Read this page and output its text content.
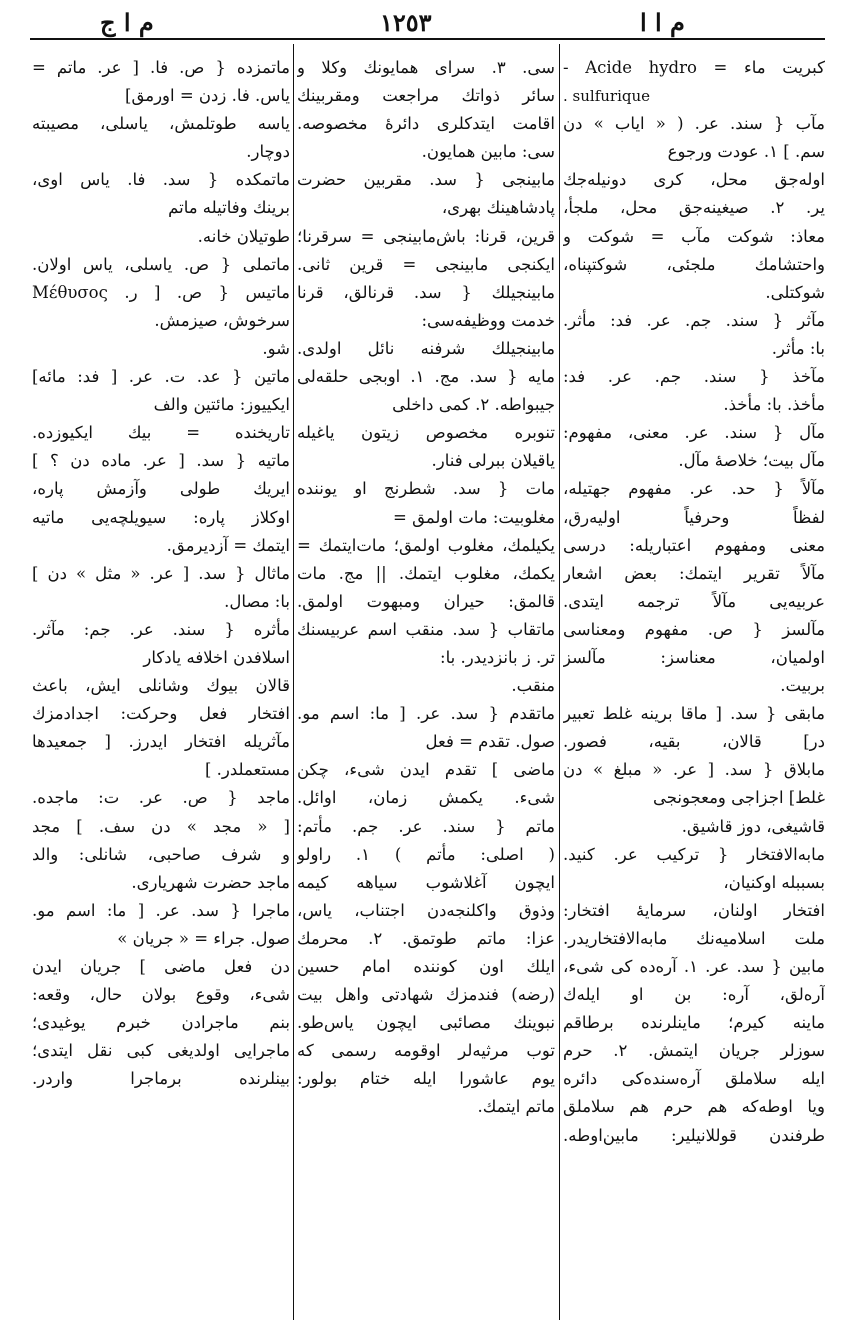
م ا ج	١٢٥٣	م ا ا
کبریت ماء = Acide hydro -
. sulfurique
مآب { سند. عر. ( « ایاب » دن
سم. ] ١. عودت ورجوع
اوله‌جق محل، کری دونیله‌جك
یر. ٢. صیغینه‌جق محل، ملجأ،
معاذ: شوکت مآب = شوکت و
واحتشامك ملجئی، شوکتپناه،
شوکتلی.
مآثر { سند. جم. عر. فد: مأثر.
با: مأثر.
مآخذ { سند. جم. عر. فد:
مأخذ. با: مأخذ.
مآل { سند. عر. معنی، مفهوم:
مآل بیت؛ خلاصهٔ مآل.
مآلاً { حد. عر. مفهوم جهتیله،
لفظاً وحرفیاً اولیه‌رق،
معنی ومفهوم اعتباریله: درسی
مآلاً تقریر ایتمك: بعض اشعار
عربیه‌یی مآلاً ترجمه ایتدی.
مآلسز { ص. مفهوم ومعناسی
اولمیان، معناسز: مآلسز
بربیت.
مابقی { سد. [ ماقا برینه غلط تعبیر
در] قالان، بقیه، فصور.
مابلاق { سد. [ عر. « مبلغ » دن
غلط] اجزاجی ومعجونجی
قاشیغی، دوز قاشیق.
مابه‌الافتخار { ترکیب عر. کنید.
بسببله اوکنیان،
افتخار اولنان، سرمایهٔ افتخار:
ملت اسلامیه‌نك مابه‌الافتخاریدر.
مابین { سد. عر. ١. آره‌ده کی شیء،
آره‌لق، آره: بن او ایله‌ك
ماینه کیرم؛ ماینلرنده برطاقم
سوزلر جریان ایتمش. ٢. حرم
ایله سلاملق آره‌سنده‌کی دائره
ویا اوطه‌که هم حرم هم سلاملق
طرفندن قوللانیلیر: مابین‌اوطه.
سی. ٣. سرای همایونك وکلا و
سائر ذواتك مراجعت ومقربینك
اقامت ایتدکلری دائرهٔ مخصوصه.
سی: مابین همایون.
مابینجی { سد. مقربین حضرت
پادشاهینك بهری،
قرین، قرنا: باش‌مابینجی = سرقرنا؛
ایکنجی مابینجی = قرین ثانی.
مابینجیلك { سد. قرنالق، قرنا
خدمت ووظیفه‌سی:
مابینجیلك شرفنه نائل اولدی.
مایه { سد. مج. ١. اوبجی حلقه‌لی
جیبواطه. ٢. کمی داخلی
تنوبره مخصوص زیتون یاغیله
یاقیلان ببرلی فنار.
مات { سد. شطرنج او یوننده
مغلوبیت: مات اولمق =
یکیلمك، مغلوب اولمق؛ مات‌ایتمك =
یکمك، مغلوب ایتمك. || مج. مات
قالمق: حیران ومبهوت اولمق.
ماتقاب { سد. منقب اسم عربیسنك
تر. ز بانزدیدر. با:
منقب.
ماتقدم { سد. عر. [ ما: اسم مو.
صول. تقدم = فعل
ماضی ] تقدم ایدن شیء، چکن
شیء. یکمش زمان، اوائل.
ماتم { سند. عر. جم. مأتم:
( اصلی: مأتم ) ١. راولو
ایچون آغلاشوب سیاهه کیمه
وذوق واکلنجه‌دن اجتناب، یاس،
عزا: ماتم طوتمق. ٢. محرمك
ایلك اون کوننده امام حسین
(رضه) فندمزك شهادتی واهل بیت
نبوینك مصائبی ایچون یاس‌طو.
توب مرثیه‌لر اوقومه رسمی که
یوم عاشورا ایله ختام بولور:
ماتم ایتمك.
ماتمزده { ص. فا. [ عر. ماتم =
یاس. فا. زدن = اورمق]
یاسه طوتلمش، یاسلی، مصیبته
دوچار.
ماتمکده { سد. فا. یاس اوی،
برینك وفاتیله ماتم
طوتیلان خانه.
ماتملی { ص. یاسلی، یاس اولان.
ماتیس { ص. [ ر. Μέθυσος
سرخوش، صیزمش.
شو.
ماتین { عد. ت. عر. [ فد: مائه]
ایکییوز: مائتین والف
تاریخنده = بیك ایکیوزده.
ماتیه { سد. [ عر. ماده دن ؟ ]
ایریك طولی وآزمش پاره،
اوکلاز پاره: سیویلچه‌یی ماتیه
ایتمك = آزدیرمق.
ماثال { سد. [ عر. « مثل » دن ]
با: مصال.
مأثره { سند. عر. جم: مآثر.
اسلافدن اخلافه یادکار
قالان بیوك وشانلی ایش، باعث
افتخار فعل وحرکت: اجدادمزك
مآثریله افتخار ایدرز. [ جمعیدها
مستعملدر. ]
ماجد { ص. عر. ت: ماجده.
[ « مجد » دن سف. ] مجد
و شرف صاحبی، شانلی: والد
ماجد حضرت شهریاری.
ماجرا { سد. عر. [ ما: اسم مو.
صول. جراء = « جریان »
دن فعل ماضی ] جریان ایدن
شیء، وقوع بولان حال، وقعه:
بنم ماجرادن خبرم یوغیدی؛
ماجرایی اولدیغی کبی نقل ایتدی؛
بینلرنده برماجرا واردر.
